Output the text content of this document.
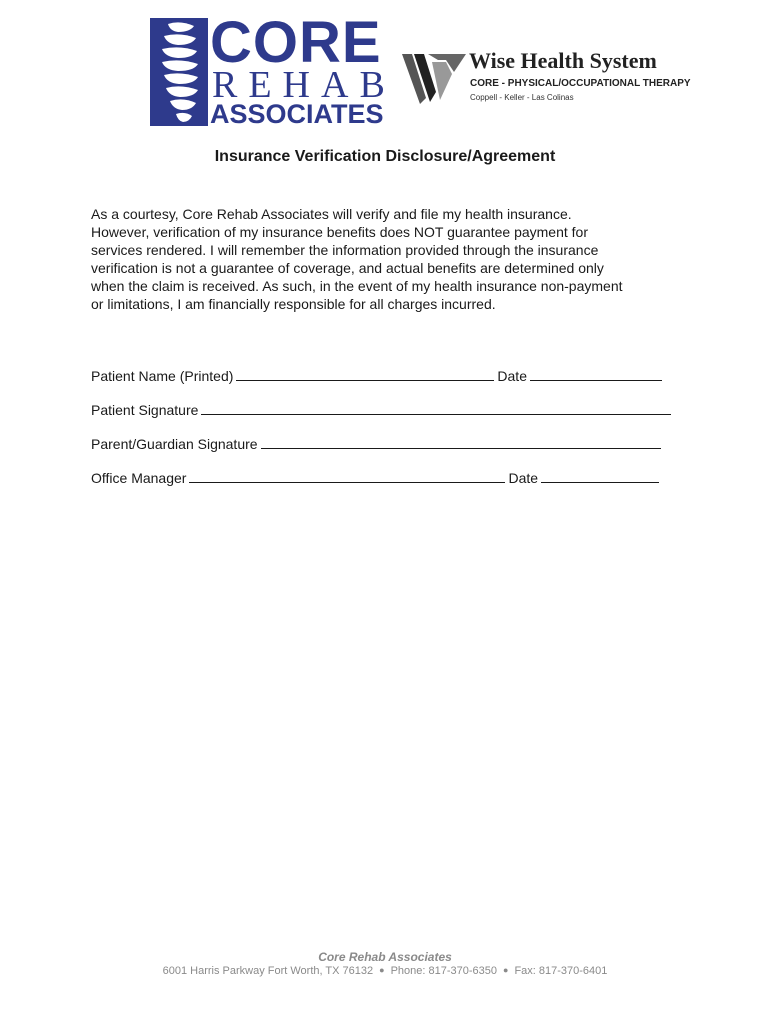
CORE
REHAB
ASSOCIATES
Wise Health System
CORE - PHYSICAL/OCCUPATIONAL THERAPY
Coppell - Keller - Las Colinas
Insurance Verification Disclosure/Agreement

As a courtesy, Core Rehab Associates will verify and file my health insurance.
However, verification of my insurance benefits does NOT guarantee payment for
services rendered. I will remember the information provided through the insurance
verification is not a guarantee of coverage, and actual benefits are determined only
when the claim is received. As such, in the event of my health insurance non-payment
or limitations, I am financially responsible for all charges incurred.

Patient Name (Printed)	Date
Patient Signature
Parent/Guardian Signature
Office Manager	Date
Core Rehab Associates
6001 Harris Parkway Fort Worth, TX 76132 ● Phone: 817-370-6350 ● Fax: 817-370-6401
